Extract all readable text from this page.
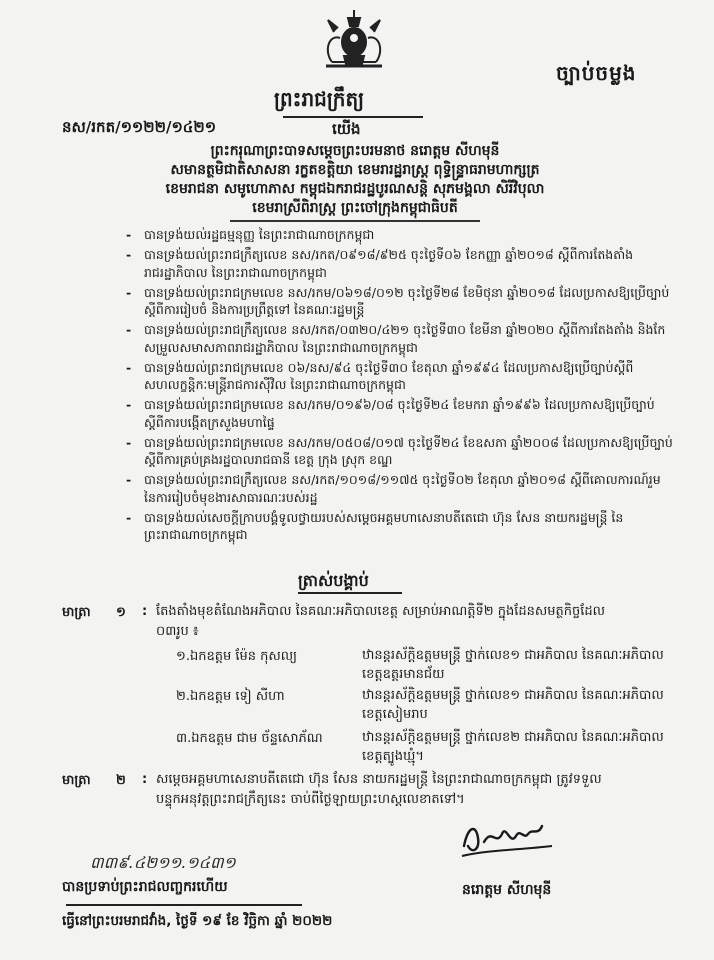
ច្បាប់ចម្លង
ព្រះរាជក្រឹត្យ
នស/រកត/១១២២/១៤២១	យើង
ព្រះករុណាព្រះបាទសម្តេចព្រះបរមនាថ នរោត្តម សីហមុនី
សមានត្ថមិជាតិសាសនា រក្ខតខត្តិយា ខេមរារដ្ឋរាស្ត្រ ពុទ្ធិន្ទ្រាធរាមហាក្សត្រ
ខេមរាជនា សមូហោភាស កម្ពុជឯករាជរដ្ឋបូរណសន្តិ សុភមង្គលា សិរីវិបុលា
ខេមរាស្រីពិរាស្ត្រ ព្រះចៅក្រុងកម្ពុជាធិបតី
- បានទ្រង់យល់រដ្ឋធម្មនុញ្ញ នៃព្រះរាជាណាចក្រកម្ពុជា
- បានទ្រង់យល់ព្រះរាជក្រឹត្យលេខ នស/រកត/០៩១៨/៩២៥ ចុះថ្ងៃទី០៦ ខែកញ្ញា ឆ្នាំ២០១៨ ស្តីពីការតែងតាំង
រាជរដ្ឋាភិបាល នៃព្រះរាជាណាចក្រកម្ពុជា
- បានទ្រង់យល់ព្រះរាជក្រមលេខ នស/រកម/០៦១៨/០១២ ចុះថ្ងៃទី២៨ ខែមិថុនា ឆ្នាំ២០១៨ ដែលប្រកាសឱ្យប្រើច្បាប់
ស្តីពីការរៀបចំ និងការប្រព្រឹត្តទៅ នៃគណៈរដ្ឋមន្ត្រី
- បានទ្រង់យល់ព្រះរាជក្រឹត្យលេខ នស/រកត/០៣២០/៤២១ ចុះថ្ងៃទី៣០ ខែមីនា ឆ្នាំ២០២០ ស្តីពីការតែងតាំង និងកែ
សម្រួលសមាសភាពរាជរដ្ឋាភិបាល នៃព្រះរាជាណាចក្រកម្ពុជា
- បានទ្រង់យល់ព្រះរាជក្រមលេខ ០៦/នស/៩៤ ចុះថ្ងៃទី៣០ ខែតុលា ឆ្នាំ១៩៩៤ ដែលប្រកាសឱ្យប្រើច្បាប់ស្តីពី
សហលក្ខន្តិកៈមន្ត្រីរាជការស៊ីវិល នៃព្រះរាជាណាចក្រកម្ពុជា
- បានទ្រង់យល់ព្រះរាជក្រមលេខ នស/រកម/០១៩៦/០៨ ចុះថ្ងៃទី២៤ ខែមករា ឆ្នាំ១៩៩៦ ដែលប្រកាសឱ្យប្រើច្បាប់
ស្តីពីការបង្កើតក្រសួងមហាផ្ទៃ
- បានទ្រង់យល់ព្រះរាជក្រមលេខ នស/រកម/០៥០៨/០១៧ ចុះថ្ងៃទី២៤ ខែឧសភា ឆ្នាំ២០០៨ ដែលប្រកាសឱ្យប្រើច្បាប់
ស្តីពីការគ្រប់គ្រងរដ្ឋបាលរាជធានី ខេត្ត ក្រុង ស្រុក ខណ្ឌ
- បានទ្រង់យល់ព្រះរាជក្រឹត្យលេខ នស/រកត/១០១៨/១១៧៥ ចុះថ្ងៃទី០២ ខែតុលា ឆ្នាំ២០១៨ ស្តីពីគោលការណ៍រួម
នៃការរៀបចំមុខងារសាធារណៈរបស់រដ្ឋ
- បានទ្រង់យល់សេចក្តីក្រាបបង្គំទូលថ្វាយរបស់សម្តេចអគ្គមហាសេនាបតីតេជោ ហ៊ុន សែន នាយករដ្ឋមន្ត្រី នៃ
ព្រះរាជាណាចក្រកម្ពុជា
ត្រាស់បង្គាប់
មាត្រា ១ : តែងតាំងមុខតំណែងអភិបាល នៃគណៈអភិបាលខេត្ត សម្រាប់អាណត្តិទី២ ក្នុងដែនសមត្ថកិច្ចដែល
០៣រូប ៖
១.ឯកឧត្តម ម៉ែន កុសល្យ	ឋានន្តរស័ក្តិឧត្តមមន្ត្រី ថ្នាក់លេខ១ ជាអភិបាល នៃគណៈអភិបាល
ខេត្តឧត្តរមានជ័យ
២.ឯកឧត្តម ទៀ សីហា	ឋានន្តរស័ក្តិឧត្តមមន្ត្រី ថ្នាក់លេខ១ ជាអភិបាល នៃគណៈអភិបាល
ខេត្តសៀមរាប
៣.ឯកឧត្តម ជាម ច័ន្ទសោភ័ណ	ឋានន្តរស័ក្តិឧត្តមមន្ត្រី ថ្នាក់លេខ២ ជាអភិបាល នៃគណៈអភិបាល
ខេត្តត្បូងឃ្មុំ។
មាត្រា ២ : សម្តេចអគ្គមហាសេនាបតីតេជោ ហ៊ុន សែន នាយករដ្ឋមន្ត្រី នៃព្រះរាជាណាចក្រកម្ពុជា ត្រូវទទួល
បន្ទុកអនុវត្តព្រះរាជក្រឹត្យនេះ ចាប់ពីថ្ងៃឡាយព្រះហស្តលេខាតទៅ។
៣៣៩.៤២១១.១៤៣១
បានប្រទាប់ព្រះរាជលញ្ចករហើយ	នរោត្តម សីហមុនី
ធ្វើនៅព្រះបរមរាជវាំង, ថ្ងៃទី ១៩ ខែ វិច្ឆិកា ឆ្នាំ ២០២២
